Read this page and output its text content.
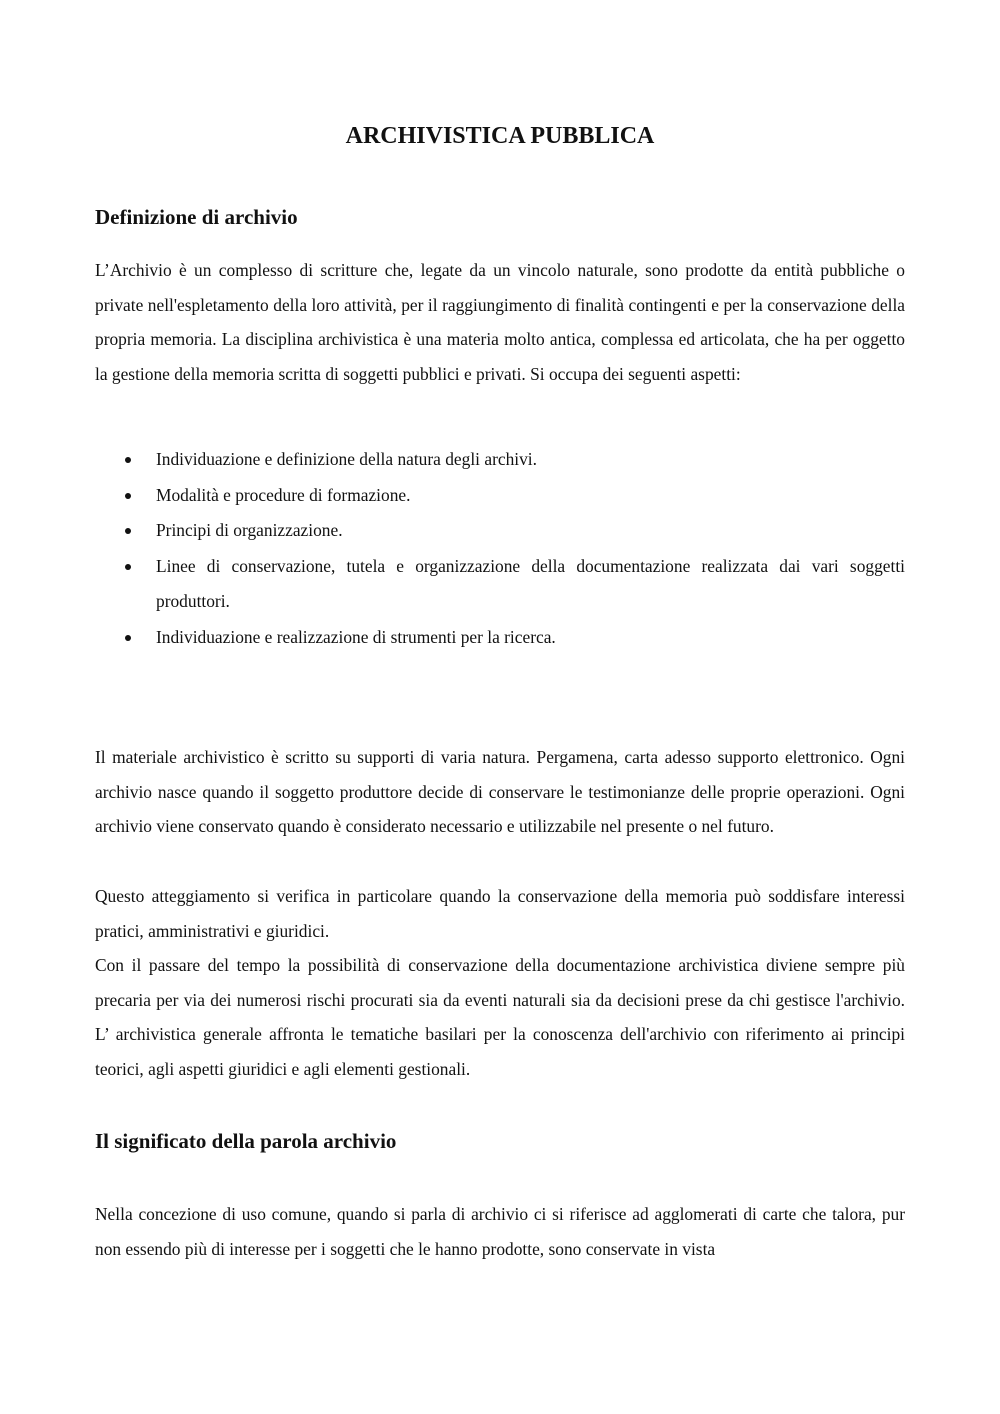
ARCHIVISTICA PUBBLICA
Definizione di archivio

L’Archivio è un complesso di scritture che, legate da un vincolo naturale, sono prodotte da entità pubbliche o private nell'espletamento della loro attività, per il raggiungimento di finalità contingenti e per la conservazione della propria memoria. La disciplina archivistica è una materia molto antica, complessa ed articolata, che ha per oggetto la gestione della memoria scritta di soggetti pubblici e privati. Si occupa dei seguenti aspetti:

Individuazione e definizione della natura degli archivi.
Modalità e procedure di formazione.
Principi di organizzazione.
Linee di conservazione, tutela e organizzazione della documentazione realizzata dai vari soggetti produttori.
Individuazione e realizzazione di strumenti per la ricerca.

Il materiale archivistico è scritto su supporti di varia natura. Pergamena, carta adesso supporto elettronico. Ogni archivio nasce quando il soggetto produttore decide di conservare le testimonianze delle proprie operazioni. Ogni archivio viene conservato quando è considerato necessario e utilizzabile nel presente o nel futuro.

Questo atteggiamento si verifica in particolare quando la conservazione della memoria può soddisfare interessi pratici, amministrativi e giuridici.

Con il passare del tempo la possibilità di conservazione della documentazione archivistica diviene sempre più precaria per via dei numerosi rischi procurati sia da eventi naturali sia da decisioni prese da chi gestisce l'archivio. L’ archivistica generale affronta le tematiche basilari per la conoscenza dell'archivio con riferimento ai principi teorici, agli aspetti giuridici e agli elementi gestionali.

Il significato della parola archivio

Nella concezione di uso comune, quando si parla di archivio ci si riferisce ad agglomerati di carte che talora, pur non essendo più di interesse per i soggetti che le hanno prodotte, sono conservate in vista
